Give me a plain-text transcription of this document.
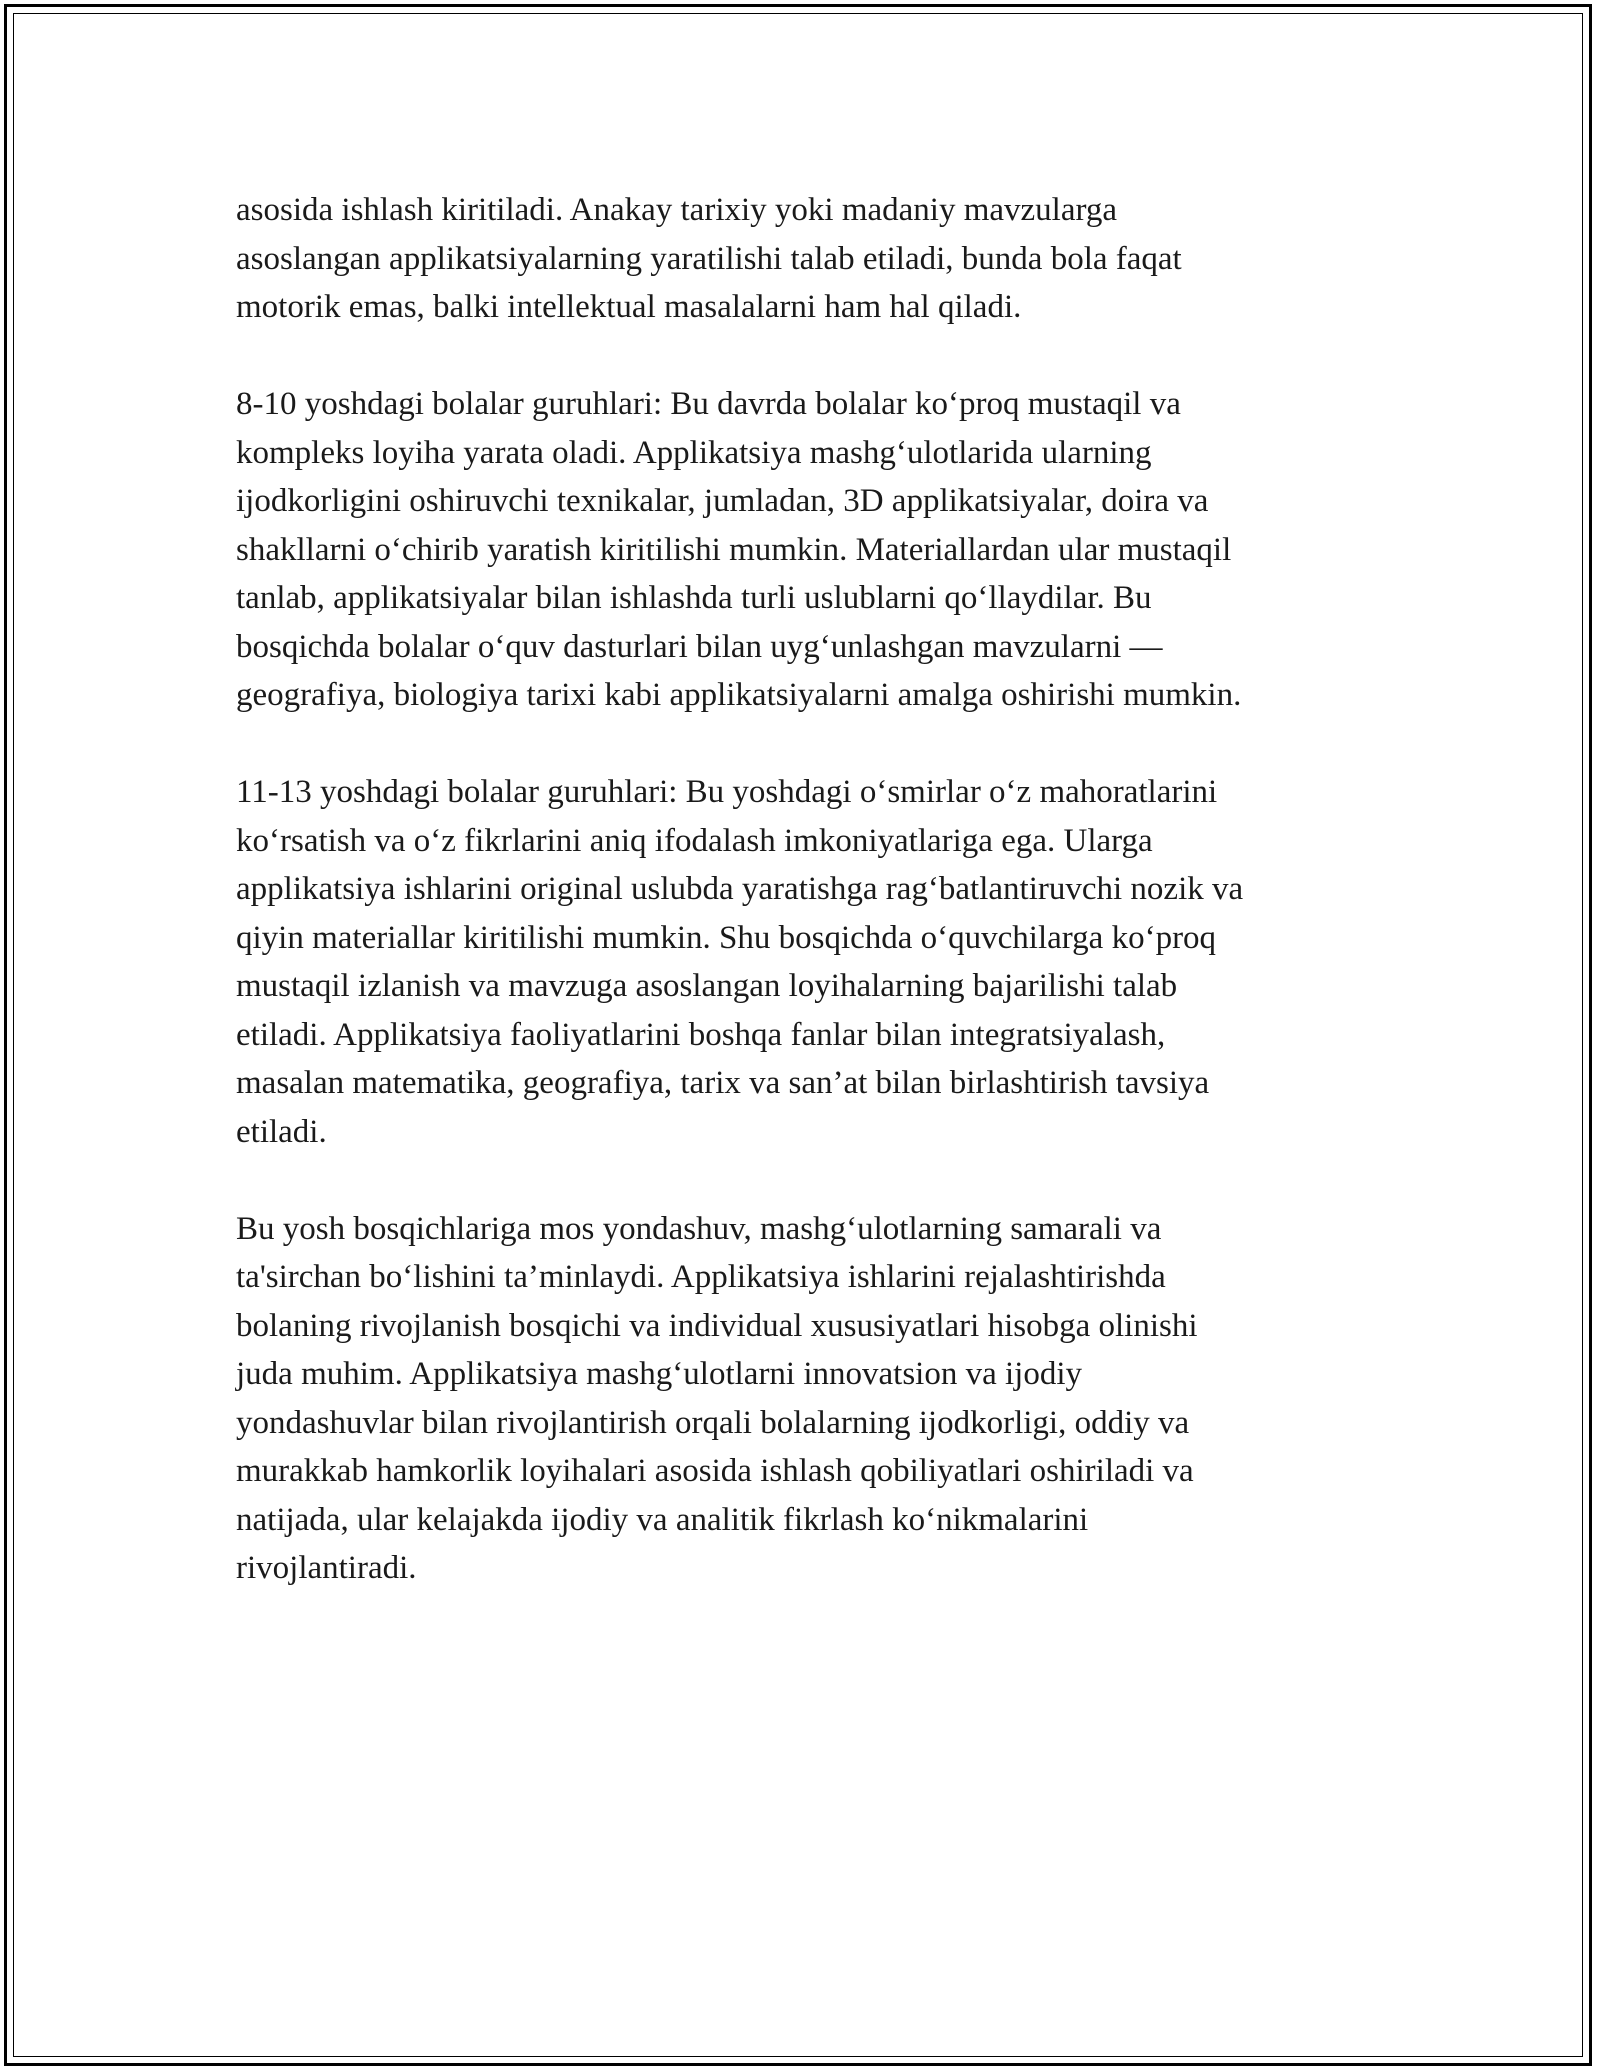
asosida ishlash kiritiladi. Anakay tarixiy yoki madaniy mavzularga
asoslangan applikatsiyalarning yaratilishi talab etiladi, bunda bola faqat
motorik emas, balki intellektual masalalarni ham hal qiladi.

8-10 yoshdagi bolalar guruhlari: Bu davrda bolalar koʻproq mustaqil va
kompleks loyiha yarata oladi. Applikatsiya mashgʻulotlarida ularning
ijodkorligini oshiruvchi texnikalar, jumladan, 3D applikatsiyalar, doira va
shakllarni oʻchirib yaratish kiritilishi mumkin. Materiallardan ular mustaqil
tanlab, applikatsiyalar bilan ishlashda turli uslublarni qoʻllaydilar. Bu
bosqichda bolalar oʻquv dasturlari bilan uygʻunlashgan mavzularni —
geografiya, biologiya tarixi kabi applikatsiyalarni amalga oshirishi mumkin.

11-13 yoshdagi bolalar guruhlari: Bu yoshdagi oʻsmirlar oʻz mahoratlarini
koʻrsatish va oʻz fikrlarini aniq ifodalash imkoniyatlariga ega. Ularga
applikatsiya ishlarini original uslubda yaratishga ragʻbatlantiruvchi nozik va
qiyin materiallar kiritilishi mumkin. Shu bosqichda oʻquvchilarga koʻproq
mustaqil izlanish va mavzuga asoslangan loyihalarning bajarilishi talab
etiladi. Applikatsiya faoliyatlarini boshqa fanlar bilan integratsiyalash,
masalan matematika, geografiya, tarix va san’at bilan birlashtirish tavsiya
etiladi.

Bu yosh bosqichlariga mos yondashuv, mashgʻulotlarning samarali va
ta'sirchan boʻlishini ta’minlaydi. Applikatsiya ishlarini rejalashtirishda
bolaning rivojlanish bosqichi va individual xususiyatlari hisobga olinishi
juda muhim. Applikatsiya mashgʻulotlarni innovatsion va ijodiy
yondashuvlar bilan rivojlantirish orqali bolalarning ijodkorligi, oddiy va
murakkab hamkorlik loyihalari asosida ishlash qobiliyatlari oshiriladi va
natijada, ular kelajakda ijodiy va analitik fikrlash koʻnikmalarini
rivojlantiradi.
